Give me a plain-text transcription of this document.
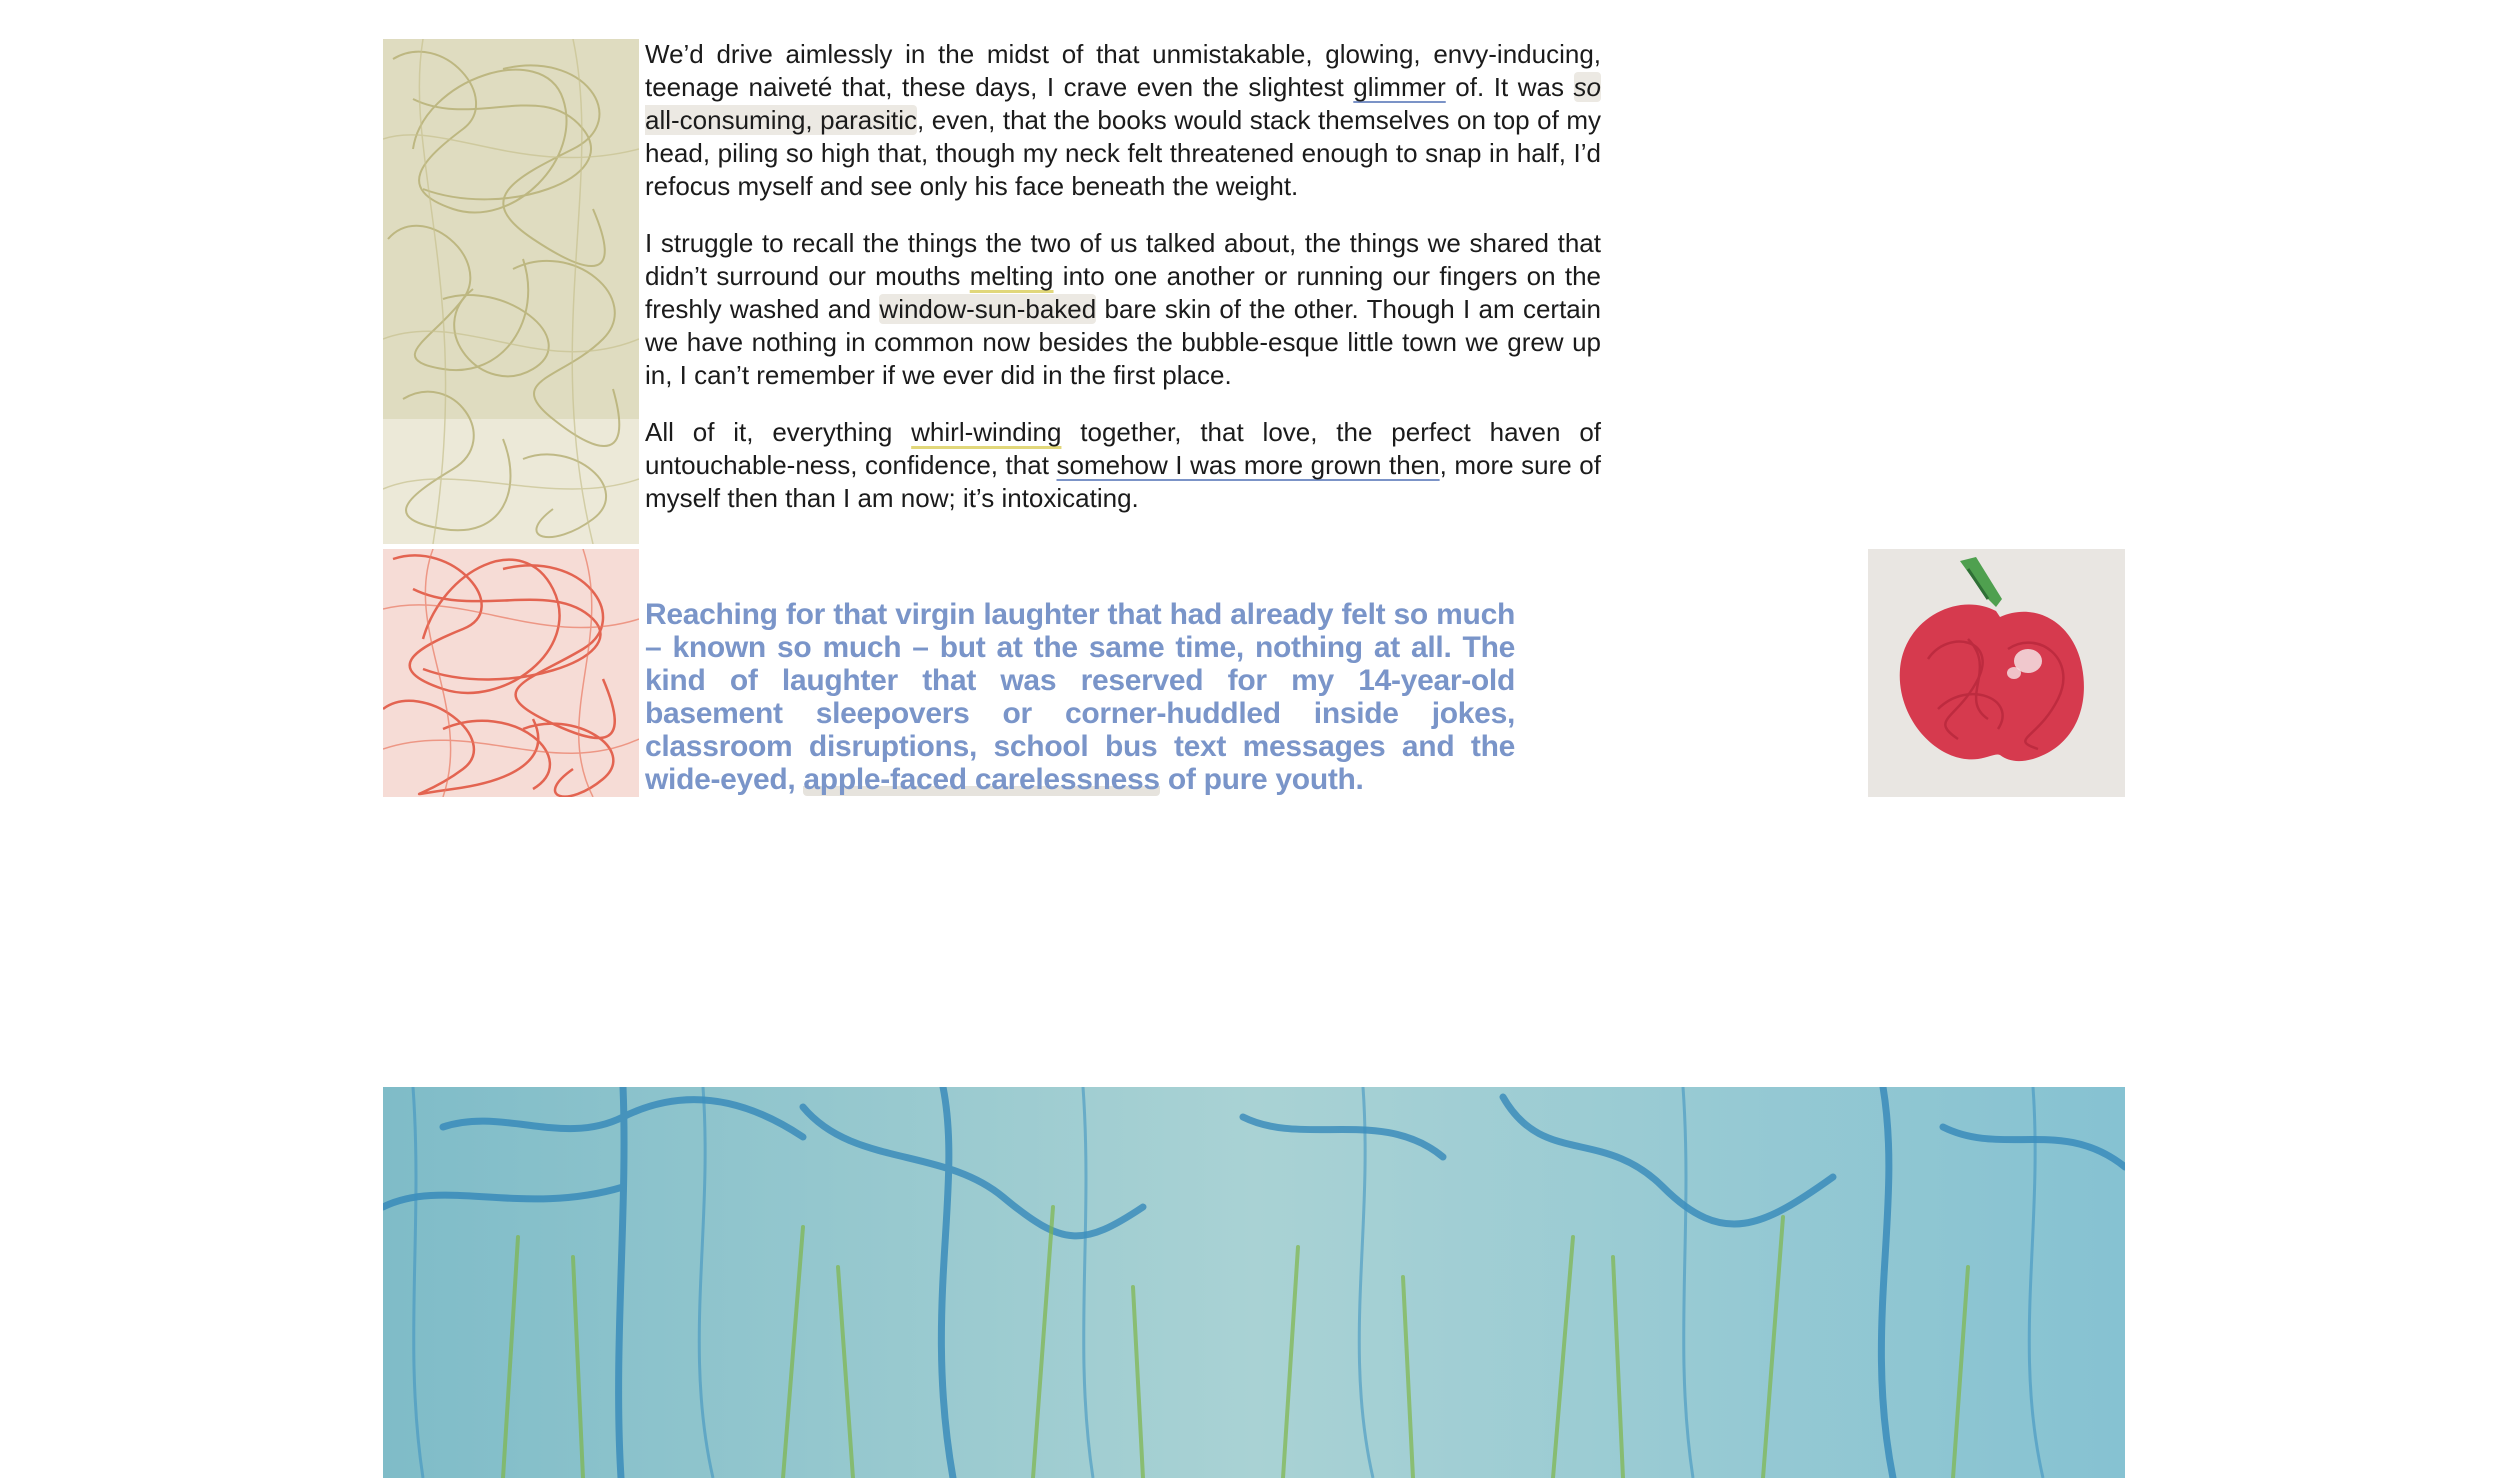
We’d drive aimlessly in the midst of that unmistakable, glowing, envy-inducing, teenage naiveté that, these days, I crave even the slightest glimmer of. It was so all-consuming, parasitic, even, that the books would stack themselves on top of my head, piling so high that, though my neck felt threatened enough to snap in half, I’d refocus myself and see only his face beneath the weight.

I struggle to recall the things the two of us talked about, the things we shared that didn’t surround our mouths melting into one another or running our fingers on the freshly washed and window-sun-baked bare skin of the other. Though I am certain we have nothing in common now besides the bubble-esque little town we grew up in, I can’t remember if we ever did in the first place.

All of it, everything whirl-winding together, that love, the perfect haven of untouchable-ness, confidence, that somehow I was more grown then, more sure of myself then than I am now; it’s intoxicating.

Reaching for that virgin laughter that had already felt so much – known so much – but at the same time, nothing at all. The kind of laughter that was reserved for my 14-year-old basement sleepovers or corner-huddled inside jokes, classroom disruptions, school bus text messages and the wide-eyed, apple-faced carelessness of pure youth.
